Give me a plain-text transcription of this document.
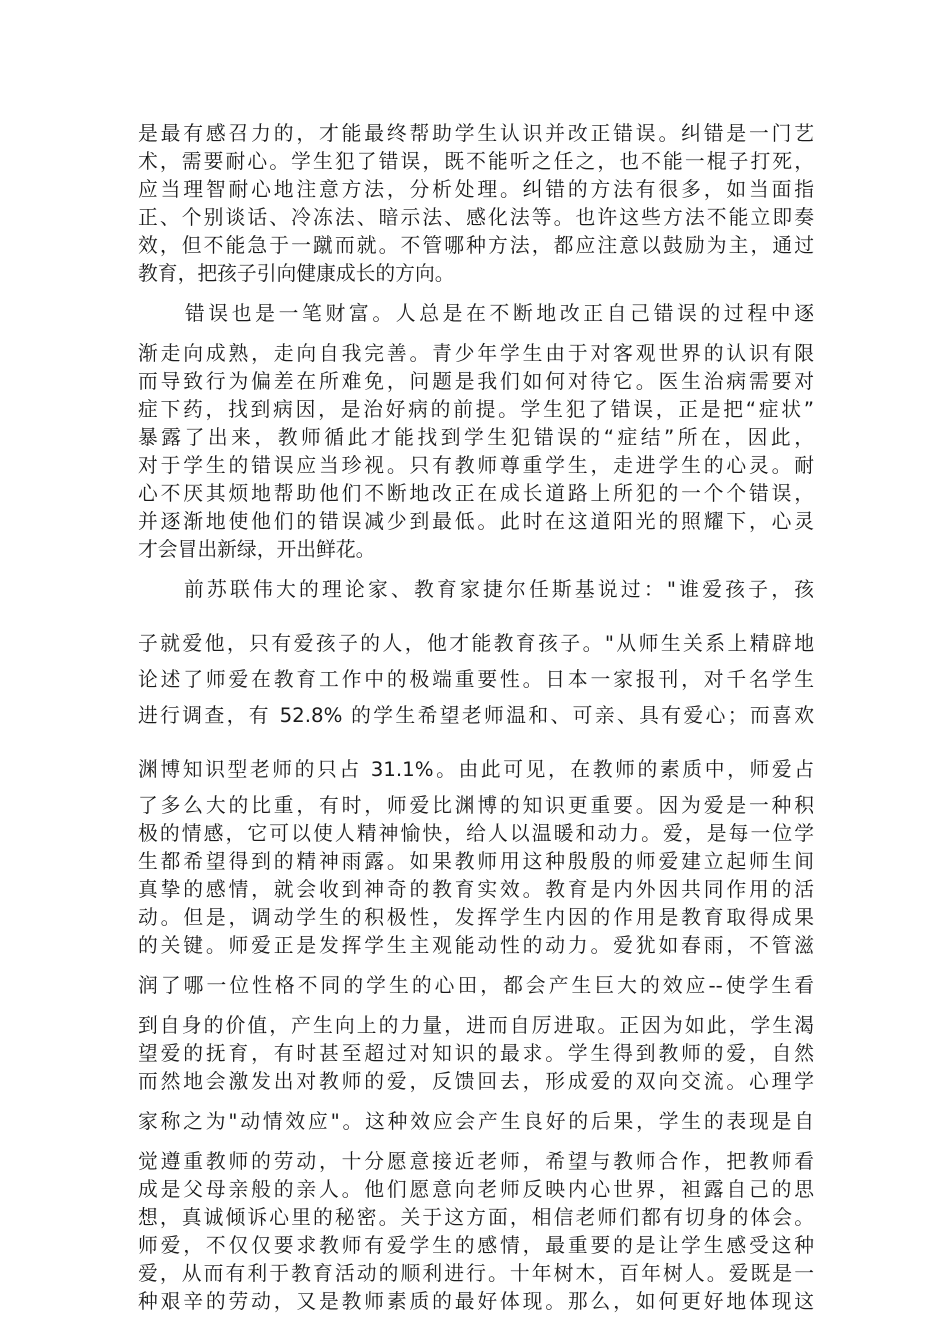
是最有感召力的，才能最终帮助学生认识并改正错误。纠错是一门艺
术，需要耐心。学生犯了错误，既不能听之任之，也不能一棍子打死，
应当理智耐心地注意方法，分析处理。纠错的方法有很多，如当面指
正、个别谈话、冷冻法、暗示法、感化法等。也许这些方法不能立即奏
效，但不能急于一蹴而就。不管哪种方法，都应注意以鼓励为主，通过
教育，把孩子引向健康成长的方向。
　　错误也是一笔财富。人总是在不断地改正自己错误的过程中逐
渐走向成熟，走向自我完善。青少年学生由于对客观世界的认识有限
而导致行为偏差在所难免，问题是我们如何对待它。医生治病需要对
症下药，找到病因，是治好病的前提。学生犯了错误，正是把“症状”
暴露了出来，教师循此才能找到学生犯错误的“症结”所在，因此，
对于学生的错误应当珍视。只有教师尊重学生，走进学生的心灵。耐
心不厌其烦地帮助他们不断地改正在成长道路上所犯的一个个错误，
并逐渐地使他们的错误减少到最低。此时在这道阳光的照耀下，心灵
才会冒出新绿，开出鲜花。
　　前苏联伟大的理论家、教育家捷尔任斯基说过："谁爱孩子，孩
子就爱他，只有爱孩子的人，他才能教育孩子。"从师生关系上精辟地
论述了师爱在教育工作中的极端重要性。日本一家报刊，对千名学生
进行调查，有 52.8% 的学生希望老师温和、可亲、具有爱心；而喜欢
渊博知识型老师的只占 31.1%。由此可见，在教师的素质中，师爱占
了多么大的比重，有时，师爱比渊博的知识更重要。因为爱是一种积
极的情感，它可以使人精神愉快，给人以温暖和动力。爱，是每一位学
生都希望得到的精神雨露。如果教师用这种殷殷的师爱建立起师生间
真挚的感情，就会收到神奇的教育实效。教育是内外因共同作用的活
动。但是，调动学生的积极性，发挥学生内因的作用是教育取得成果
的关键。师爱正是发挥学生主观能动性的动力。爱犹如春雨，不管滋
润了哪一位性格不同的学生的心田，都会产生巨大的效应--使学生看
到自身的价值，产生向上的力量，进而自厉进取。正因为如此，学生渴
望爱的抚育，有时甚至超过对知识的最求。学生得到教师的爱，自然
而然地会激发出对教师的爱，反馈回去，形成爱的双向交流。心理学
家称之为"动情效应"。这种效应会产生良好的后果，学生的表现是自
觉遵重教师的劳动，十分愿意接近老师，希望与教师合作，把教师看
成是父母亲般的亲人。他们愿意向老师反映内心世界，袒露自己的思
想，真诚倾诉心里的秘密。关于这方面，相信老师们都有切身的体会。
师爱，不仅仅要求教师有爱学生的感情，最重要的是让学生感受这种
爱，从而有利于教育活动的顺利进行。十年树木，百年树人。爱既是一
种艰辛的劳动，又是教师素质的最好体现。那么，如何更好地体现这
